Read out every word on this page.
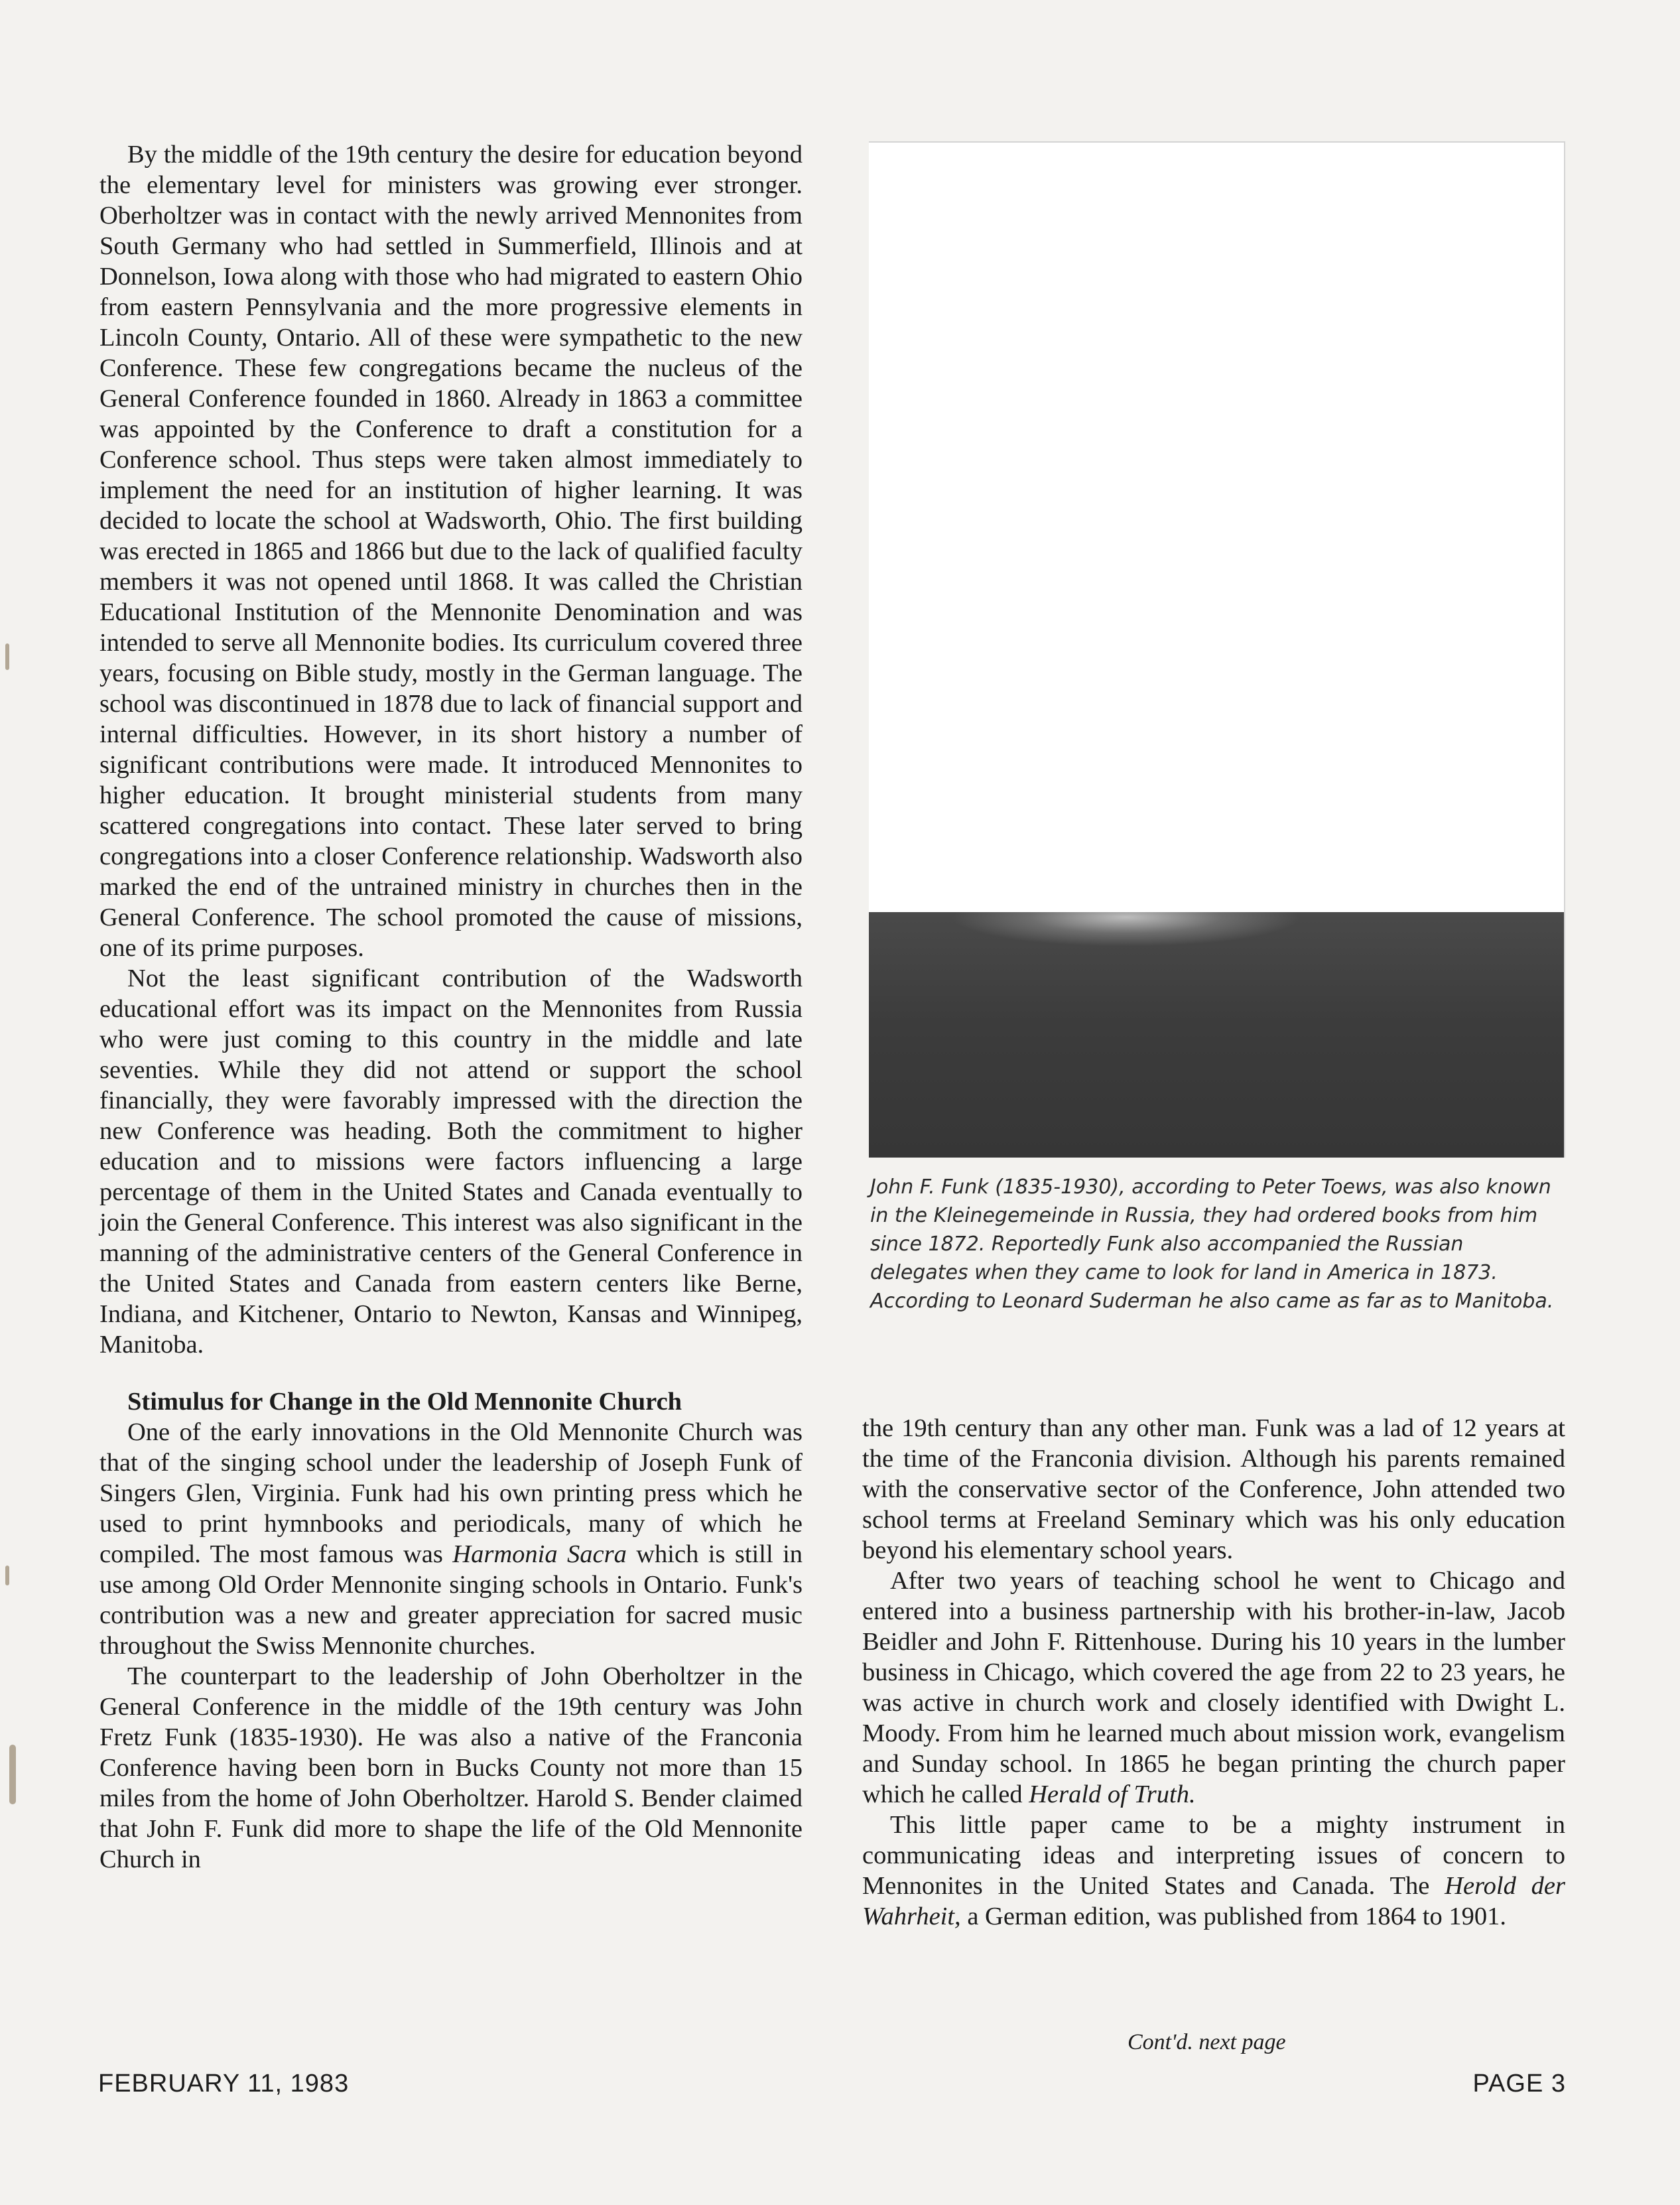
By the middle of the 19th century the desire for education beyond the elementary level for ministers was growing ever stronger. Oberholtzer was in contact with the newly arrived Mennonites from South Germany who had settled in Summerfield, Illinois and at Donnelson, Iowa along with those who had migrated to eastern Ohio from eastern Pennsylvania and the more progressive elements in Lincoln County, Ontario. All of these were sympathetic to the new Conference. These few congregations became the nucleus of the General Conference founded in 1860. Already in 1863 a committee was appointed by the Conference to draft a constitution for a Conference school. Thus steps were taken almost immediately to implement the need for an institution of higher learning. It was decided to locate the school at Wadsworth, Ohio. The first building was erected in 1865 and 1866 but due to the lack of qualified faculty members it was not opened until 1868. It was called the Christian Educational Institution of the Mennonite Denomination and was intended to serve all Mennonite bodies. Its curriculum covered three years, focusing on Bible study, mostly in the German language. The school was discontinued in 1878 due to lack of financial support and internal difficulties. However, in its short history a number of significant contributions were made. It introduced Mennonites to higher education. It brought ministerial students from many scattered congregations into contact. These later served to bring congregations into a closer Conference relationship. Wadsworth also marked the end of the untrained ministry in churches then in the General Conference. The school promoted the cause of missions, one of its prime purposes.

Not the least significant contribution of the Wadsworth educational effort was its impact on the Mennonites from Russia who were just coming to this country in the middle and late seventies. While they did not attend or support the school financially, they were favorably impressed with the direction the new Conference was heading. Both the commitment to higher education and to missions were factors influencing a large percentage of them in the United States and Canada eventually to join the General Conference. This interest was also significant in the manning of the administrative centers of the General Conference in the United States and Canada from eastern centers like Berne, Indiana, and Kitchener, Ontario to Newton, Kansas and Winnipeg, Manitoba.

Stimulus for Change in the Old Mennonite Church

One of the early innovations in the Old Mennonite Church was that of the singing school under the leadership of Joseph Funk of Singers Glen, Virginia. Funk had his own printing press which he used to print hymnbooks and periodicals, many of which he compiled. The most famous was Harmonia Sacra which is still in use among Old Order Mennonite singing schools in Ontario. Funk's contribution was a new and greater appreciation for sacred music throughout the Swiss Mennonite churches.

The counterpart to the leadership of John Oberholtzer in the General Conference in the middle of the 19th century was John Fretz Funk (1835-1930). He was also a native of the Franconia Conference having been born in Bucks County not more than 15 miles from the home of John Oberholtzer. Harold S. Bender claimed that John F. Funk did more to shape the life of the Old Mennonite Church in

John F. Funk (1835-1930), according to Peter Toews, was also known in the Kleinegemeinde in Russia, they had ordered books from him since 1872. Reportedly Funk also accompanied the Russian delegates when they came to look for land in America in 1873. According to Leonard Suderman he also came as far as to Manitoba.

the 19th century than any other man. Funk was a lad of 12 years at the time of the Franconia division. Although his parents remained with the conservative sector of the Conference, John attended two school terms at Freeland Seminary which was his only education beyond his elementary school years.

After two years of teaching school he went to Chicago and entered into a business partnership with his brother-in-law, Jacob Beidler and John F. Rittenhouse. During his 10 years in the lumber business in Chicago, which covered the age from 22 to 23 years, he was active in church work and closely identified with Dwight L. Moody. From him he learned much about mission work, evangelism and Sunday school. In 1865 he began printing the church paper which he called Herald of Truth.

This little paper came to be a mighty instrument in communicating ideas and interpreting issues of concern to Mennonites in the United States and Canada. The Herold der Wahrheit, a German edition, was published from 1864 to 1901.

Cont'd. next page
FEBRUARY 11, 1983	PAGE 3
